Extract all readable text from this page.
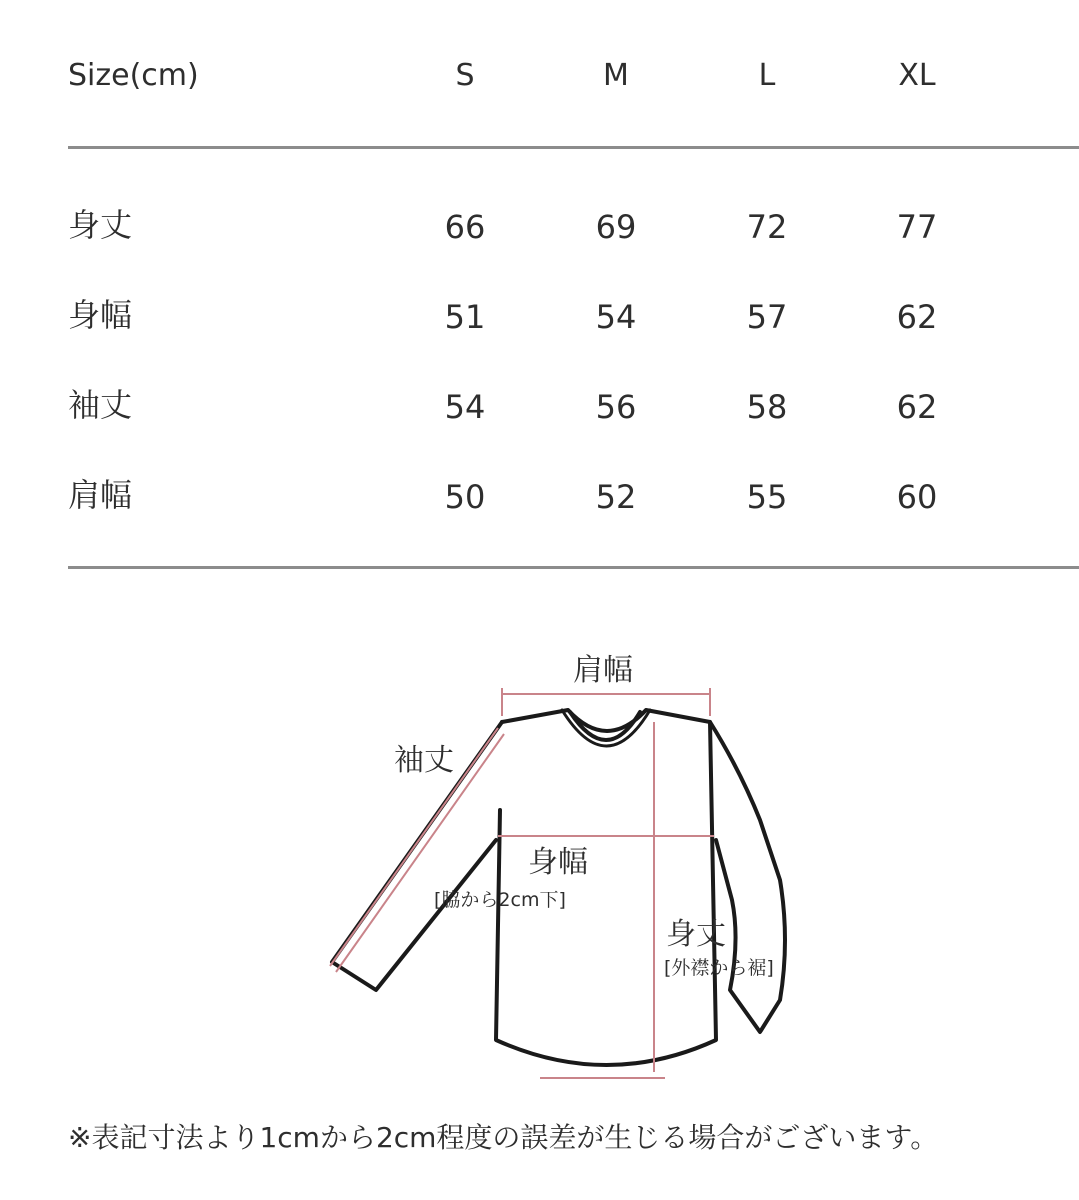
Size(cm)	S	M	L	XL
身丈	66	69	72	77
身幅	51	54	57	62
袖丈	54	56	58	62
肩幅	50	52	55	60
肩幅
袖丈
身幅
[脇から2cm下]
身丈
[外襟から裾]
※表記寸法より1cmから2cm程度の誤差が生じる場合がございます。
